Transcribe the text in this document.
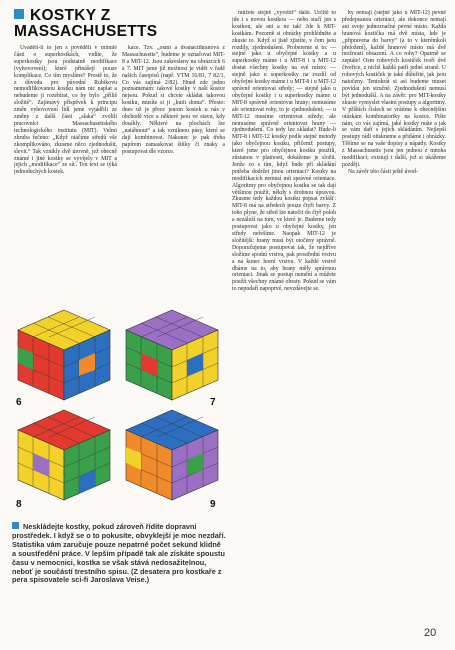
KOSTKY Z MASSACHUSETTS

Uváděli-li to jen s povědělí v minulé části o superkostkách, vidíte, že superkostky jsou podstatně modifikace (vyhovovení); které přinášejí pouze komplikace. Co tím myslíme? Prostě to, že z důvodu pro původní Rubikovu nemodifikovanou kostku nám nic naplat a nebudeme ji rozebírat, co by bylo „příliš složité“. Zajímavý příspěvek k principu změn vyhovovení lidí jsme vyjádřili ze změny z další části „slaká“ zvolili pracovníci Massachusettského technologického institutu (MIT). Velmi zhruba řečeno: „Když otáčíme středů vše zkomplikováno, zkusme něco zjednodušit, slevit.“ Tak vznikly dvě úrovně, jež obecně známé i jiné kostky se vyvíjely v MIT a jejich „modifikace“ ze síť. Ten text se týká jednoduchých kostek.

kace. Tzv. „osmi a dvanáctihranová z Massachusetts“, budeme je označovat MIT-8 a MIT-12. Jsou zakresleny na obrázcích 6 a 7. MIT jsme již možnost je vidět v řadě našich časopisů (např. VTM 16/81, 7 82/1, Co vás zajímá 2/82). Hned zde jedno poznamenám: takové kostky v naší kostce nejsou. Pokud si chcete skládat takovou kostku, musíte si ji „kutit doma“. Přesto: dnes už je přece jenom kostek u nás v obchodě více a některé jsou ve stavu, kdy dosáhly. Některé na plochách lze „natáhnout“ a tak vzniknou pásy, které se dají kombinovat. Nakonec je pak třeba papírem zamaskovat štítky či znaky a postupovat dle vzorce.

můžete stejně „vyrobit“ další. Určitě to jde i s novou kostkou — nebo stačí jen s kostkou, ale ani a ne tak! Jde k MIT-kostkám. Pozorně si obrázky prohlédněte a zkuste to. Když si jistě zjistíte, v čem jsou rozdíly, zjednodušení. Probereme si to: — stejné jako u obyčejné kostky a u superkostky máme i u MIT-8 i u MIT-12 dostat všechny kostky na své místo; — stejně jako u superkostky na rozdíl od obyčejné kostky máme i u MIT-8 i u MIT-12 správně orientovat středy; — stejně jako u obyčejné kostky i u superkostky máme u MIT-8 správně orientovat hrany; nemusíme ale orientovat rohy, to je zjednodušení; — u MIT-12 musíme orientovat středy; ale nemusíme správně orientovat hrany — zjednodušení. Co tedy lze skládat? Bude-li MIT-8 i MIT-12 kostky podle stejné metody jako obyčejnou kostku, přičemž postupy, které jsme pro obyčejnou kostku použili, zůstanou v platnosti, dokážeme je složit. Jenže co s tím, když bude při skládání potřeba dodržet jinou orientaci? Kostky na modifikacích nemusí mít správné orientace. Algoritmy pro obyčejnou kostku se tak dají většinou použít, někdy s drobnou úpravou. Zkusme tedy každou kostku popsat zvlášť: MIT-8 má na středech pouze čtyři barvy. Z toho plyne, že střed lze natočit do čtyř poloh a nezáleží na tom, ve které je. Budeme tedy postupovat jako u obyčejné kostky, jen středy neřešíme. Naopak MIT-12 je složitější: hrany musí být otočeny správně. Doporučujeme postupovat tak, že nejdříve složíme spodní vrstvu, pak prostřední vrstvu a na konec horní vrstvu. V každé vrstvě dbáme na to, aby hrany měly správnou orientaci. Jinak se postup nemění a můžete použít všechny známé obraty. Pokud se vám to nepodaří napoprvé, nevzdávejte se.

ky nemají (stejně jako u MIT-12) pevně předepsanou orientaci, ale dokonce nemají ani svoje jednoznačné pevné místo. Každá hranová kostička má dvě místa, kde je „připravena do barvy“ (a to v kterémkoli přeložení), každé hranové místo má dvě možnosti obsazení. A co rohy? Opatrně se zeptáte! Osm rohových kostiček tvoří dvě čtveřice, z nichž každá patří jedné straně. U rohových kostiček je také důležité, jak jsou natočeny. Tentokrát si asi budeme muset povídat jen stručně. Zjednodušení nemusí být jednodušší. A na závěr: pro MIT-kostky zkuste vymyslet vlastní postupy a algoritmy. V příštích číslech se vrátíme k obecnějším otázkám kombinatoriky na kostce. Pište nám, co vás zajímá, jaké kostky máte a jak se vám daří s jejich skládáním. Nejlepší postupy rádi otiskneme a přidáme i obrázky. Těšíme se na vaše dopisy a nápady. Kostky z Massachusetts jsou jen jednou z mnoha modifikací; existují i další, jež si ukážeme později.

Na závěr této části ještě úvod-

6	7
8	9
Neskládejte kostky, pokud zároveň řídíte dopravní prostředek. I když se o to pokusíte, obvyklejší je moc nezdaří. Statistika vám zaručuje pouze nepatrně počet sekund klidně a soustředění práce. V lepším případě tak ale získáte spoustu času v nemocnici, kostka se však stává nedosažitelnou, neboť je součástí trestního spisu. (Z desatera pro kostkaře z pera spisovatele sci-fi Jaroslava Veise.)
20
